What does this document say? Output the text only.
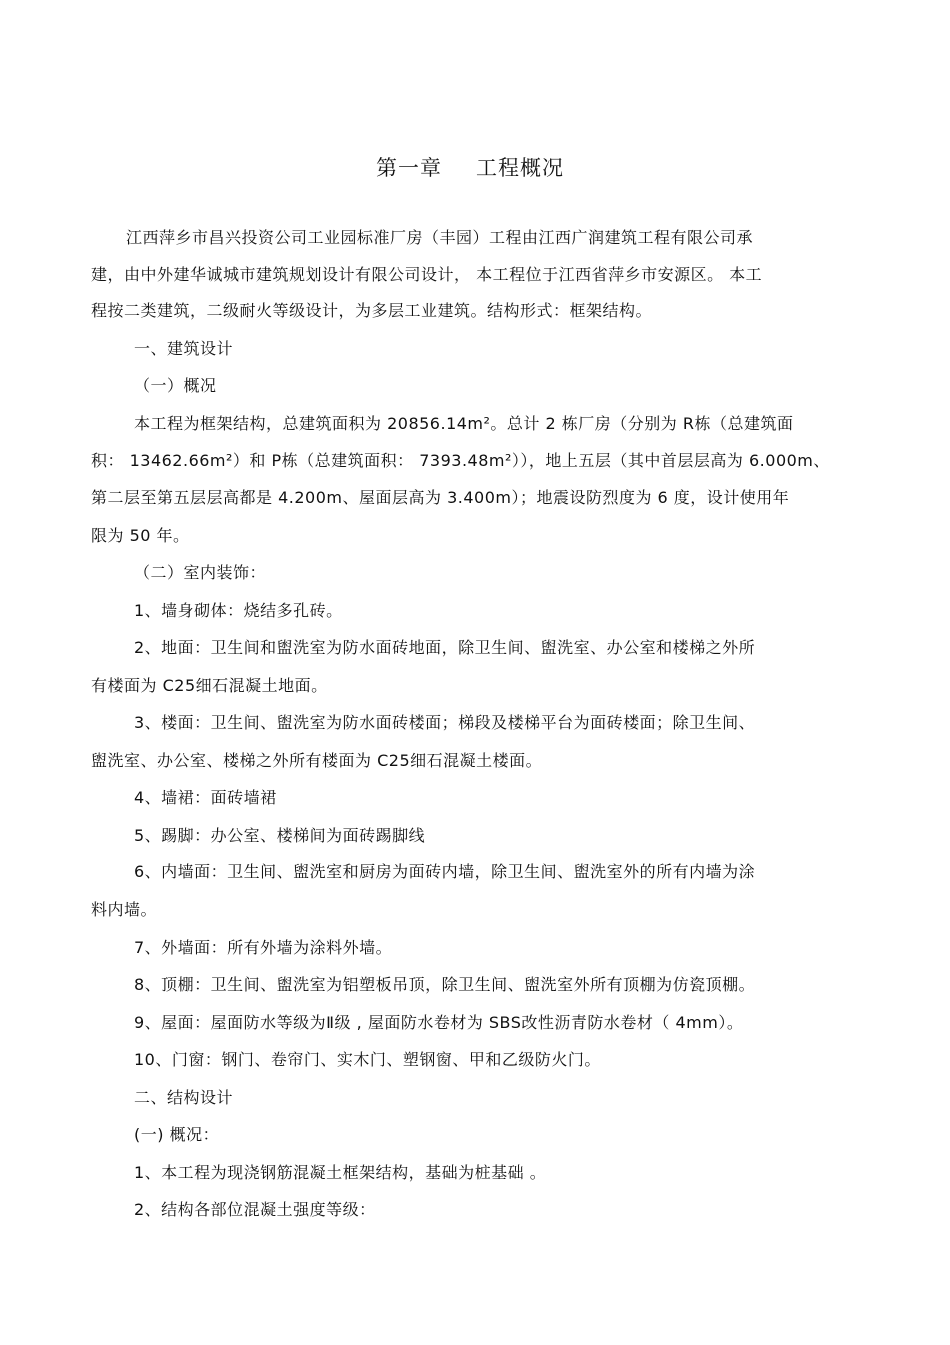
第一章 工程概况
江西萍乡市昌兴投资公司工业园标准厂房（丰园）工程由江西广润建筑工程有限公司承
建，由中外建华诚城市建筑规划设计有限公司设计， 本工程位于江西省萍乡市安源区。 本工
程按二类建筑，二级耐火等级设计，为多层工业建筑。结构形式：框架结构。
一、建筑设计
（一）概况
本工程为框架结构，总建筑面积为 20856.14m²。总计 2 栋厂房（分别为 R栋（总建筑面
积： 13462.66m²）和 P栋（总建筑面积： 7393.48m²）），地上五层（其中首层层高为 6.000m、
第二层至第五层层高都是 4.200m、屋面层高为 3.400m）；地震设防烈度为 6 度，设计使用年
限为 50 年。
（二）室内装饰：
1、墙身砌体：烧结多孔砖。
2、地面：卫生间和盥洗室为防水面砖地面，除卫生间、盥洗室、办公室和楼梯之外所
有楼面为 C25细石混凝土地面。
3、楼面：卫生间、盥洗室为防水面砖楼面；梯段及楼梯平台为面砖楼面；除卫生间、
盥洗室、办公室、楼梯之外所有楼面为 C25细石混凝土楼面。
4、墙裙：面砖墙裙
5、踢脚：办公室、楼梯间为面砖踢脚线
6、内墙面：卫生间、盥洗室和厨房为面砖内墙，除卫生间、盥洗室外的所有内墙为涂
料内墙。
7、外墙面：所有外墙为涂料外墙。
8、顶棚：卫生间、盥洗室为铝塑板吊顶，除卫生间、盥洗室外所有顶棚为仿瓷顶棚。
9、屋面：屋面防水等级为Ⅱ级 , 屋面防水卷材为 SBS改性沥青防水卷材（ 4mm）。
10、门窗：钢门、卷帘门、实木门、塑钢窗、甲和乙级防火门。
二、结构设计
(一) 概况：
1、本工程为现浇钢筋混凝土框架结构，基础为桩基础 。
2、结构各部位混凝土强度等级：
